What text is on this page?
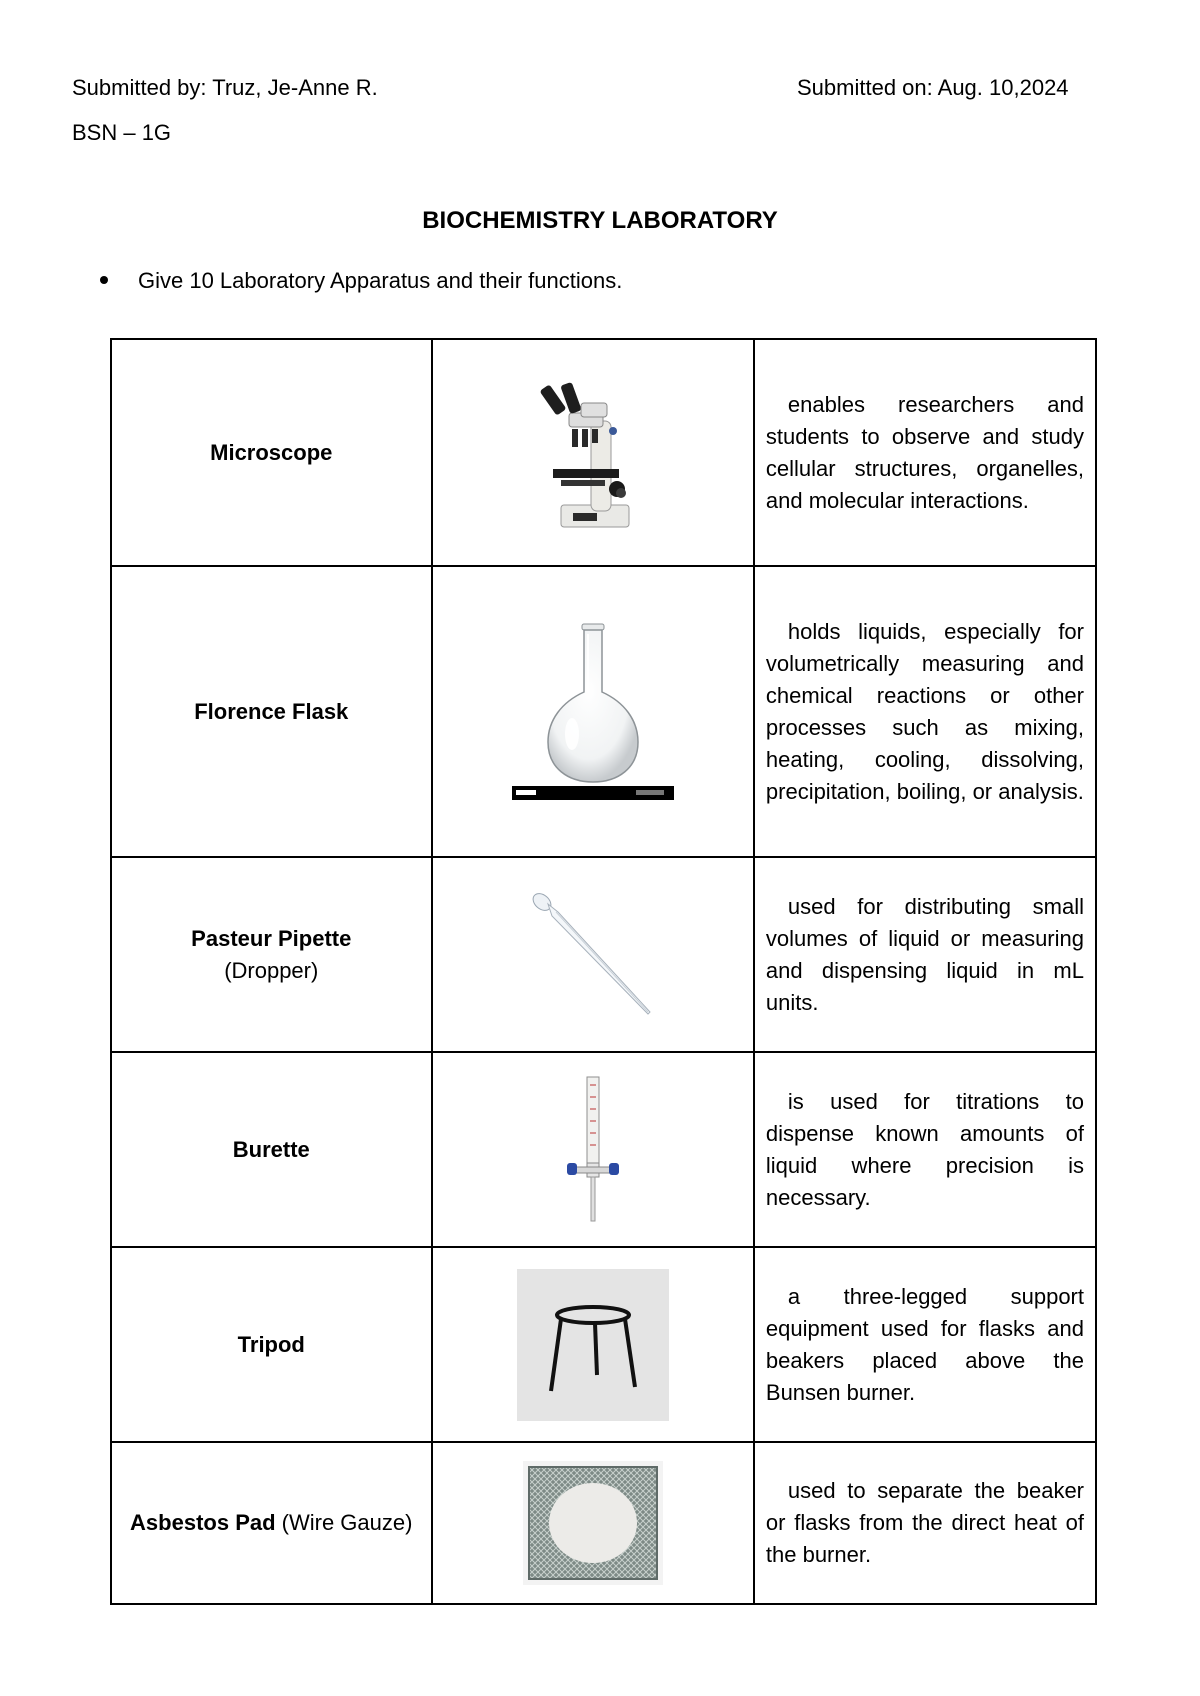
Submitted by: Truz, Je-Anne R.	Submitted on: Aug. 10,2024
BSN – 1G
BIOCHEMISTRY LABORATORY
Give 10 Laboratory Apparatus and their functions.
Microscope		enables researchers and students to observe and study cellular structures, organelles, and molecular interactions.

Florence Flask		holds liquids, especially for volumetrically measuring and chemical reactions or other processes such as mixing, heating, cooling, dissolving, precipitation, boiling, or analysis.

Pasteur Pipette
(Dropper)		used for distributing small volumes of liquid or measuring and dispensing liquid in mL units.

Burette		is used for titrations to dispense known amounts of liquid where precision is necessary.

Tripod		a three-legged support equipment used for flasks and beakers placed above the Bunsen burner.

Asbestos Pad (Wire Gauze)		used to separate the beaker or flasks from the direct heat of the burner.
